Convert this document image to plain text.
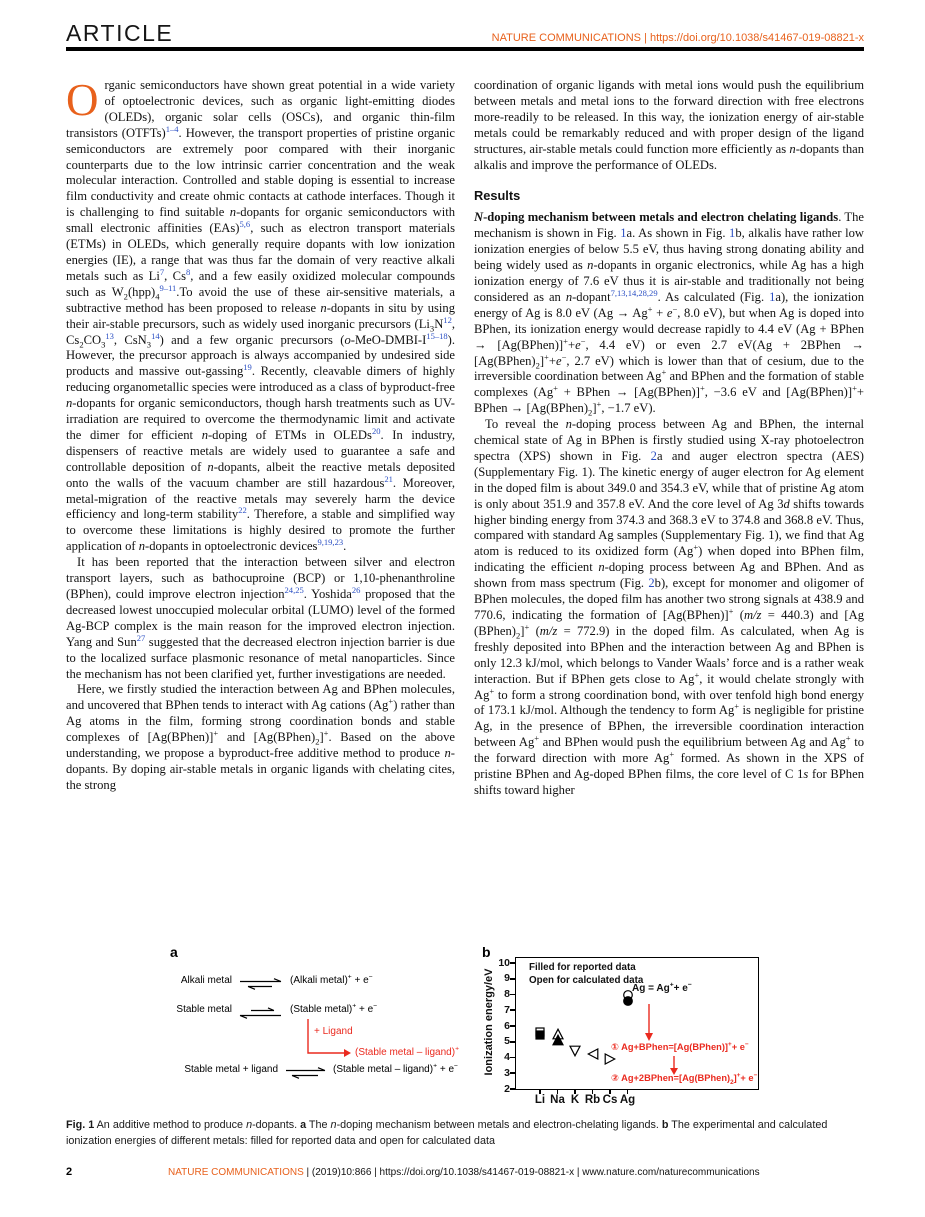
ARTICLE	NATURE COMMUNICATIONS | https://doi.org/10.1038/s41467-019-08821-x

Organic semiconductors have shown great potential in a wide variety of optoelectronic devices, such as organic light-emitting diodes (OLEDs), organic solar cells (OSCs), and organic thin-film transistors (OTFTs)$^{1-4}$. However, the transport properties of pristine organic semiconductors are extremely poor compared with their inorganic counterparts due to the low intrinsic carrier concentration and the weak molecular interaction. Controlled and stable doping is essential to increase film conductivity and create ohmic contacts at cathode interfaces. Though it is challenging to find suitable n-dopants for organic semiconductors with small electronic affinities (EAs)$^{5,6}$, such as electron transport materials (ETMs) in OLEDs, which generally require dopants with low ionization energies (IE), a range that was thus far the domain of very reactive alkali metals such as Li$^7$, Cs$^8$, and a few easily oxidized molecular compounds such as $W_2(hpp)_4^{9-11}.To$ avoid the use of these air-sensitive materials, a subtractive method has been proposed to release n-dopants in situ by using their air-stable precursors, such as widely used inorganic precursors ($Li_3N^{12}$, $Cs_2CO_3^{13}$, CsN$_3^{14}$) and a few organic precursors (o-MeO-DMBI-I$^{15-18}$). However, the precursor approach is always accompanied by undesired side products and massive out-gassing$^{19}$. Recently, cleavable dimers of highly reducing organometallic species were introduced as a class of byproduct-free n-dopants for organic semiconductors, though harsh treatments such as UV-irradiation are required to overcome the thermodynamic limit and activate the dimer for efficient n-doping of ETMs in OLEDs$^{20}$. In industry, dispensers of reactive metals are widely used to guarantee a safe and controllable deposition of n-dopants, albeit the reactive metals deposited onto the walls of the vacuum chamber are still hazardous$^{21}$. Moreover, metal-migration of the reactive metals may severely harm the device efficiency and long-term stability$^{22}$. Therefore, a stable and simplified way to overcome these limitations is highly desired to promote the further application of n-dopants in optoelectronic devices$^{9,19,23}$.

It has been reported that the interaction between silver and electron transport layers, such as bathocuproine (BCP) or 1,10-phenanthroline (BPhen), could improve electron injection$^{24,25}$. Yoshida$^{26}$ proposed that the decreased lowest unoccupied molecular orbital (LUMO) level of the formed Ag-BCP complex is the main reason for the improved electron injection. Yang and Sun$^{27}$ suggested that the decreased electron injection barrier is due to the localized surface plasmonic resonance of metal nanoparticles. Since the mechanism has not been clarified yet, further investigations are needed.

Here, we firstly studied the interaction between Ag and BPhen molecules, and uncovered that BPhen tends to interact with Ag cations (Ag+) rather than Ag atoms in the film, forming strong coordination bonds and stable complexes of [Ag(BPhen)]+ and $[Ag(BPhen)_2]^+$. Based on the above understanding, we propose a byproduct-free additive method to produce n-dopants. By doping air-stable metals in organic ligands with chelating cites, the strong

coordination of organic ligands with metal ions would push the equilibrium between metals and metal ions to the forward direction with free electrons more-readily to be released. In this way, the ionization energy of air-stable metals could be remarkably reduced and with proper design of the ligand structures, air-stable metals could function more efficiently as n-dopants than alkalis and improve the performance of OLEDs.

Results

N-doping mechanism between metals and electron chelating ligands. The mechanism is shown in Fig. 1a. As shown in Fig. 1b, alkalis have rather low ionization energies of below 5.5 eV, thus having strong donating ability and being widely used as n-dopants in organic electronics, while Ag has a high ionization energy of 7.6 eV thus it is air-stable and traditionally not being considered as an n-dopant$^{7,13,14,28,29}$. As calculated (Fig. 1a), the ionization energy of Ag is 8.0 eV (Ag → Ag+ + e−, 8.0 eV), but when Ag is doped into BPhen, its ionization energy would decrease rapidly to 4.4 eV (Ag + BPhen → [Ag(BPhen)]++e−, 4.4 eV) or even 2.7 eV(Ag + 2BPhen → $[Ag(BPhen)_2]^++e^-$, 2.7 eV) which is lower than that of cesium, due to the irreversible coordination between Ag+ and BPhen and the formation of stable complexes (Ag+ + BPhen → [Ag(BPhen)]+, −3.6 eV and [Ag(BPhen)]++ BPhen → $[Ag(BPhen)_2]^+$, −1.7 eV).

To reveal the n-doping process between Ag and BPhen, the internal chemical state of Ag in BPhen is firstly studied using X-ray photoelectron spectra (XPS) shown in Fig. 2a and auger electron spectra (AES) (Supplementary Fig. 1). The kinetic energy of auger electron for Ag element in the doped film is about 349.0 and 354.3 eV, while that of pristine Ag atom is only about 351.9 and 357.8 eV. And the core level of Ag 3d shifts towards higher binding energy from 374.3 and 368.3 eV to 374.8 and 368.8 eV. Thus, compared with standard Ag samples (Supplementary Fig. 1), we find that Ag atom is reduced to its oxidized form (Ag+) when doped into BPhen film, indicating the efficient n-doping process between Ag and BPhen. And as shown from mass spectrum (Fig. 2b), except for monomer and oligomer of BPhen molecules, the doped film has another two strong signals at 438.9 and 770.6, indicating the formation of [Ag(BPhen)]+ (m/z = 440.3) and [Ag $(BPhen)_2]^+$ (m/z = 772.9) in the doped film. As calculated, when Ag is freshly deposited into BPhen and the interaction between Ag and BPhen is only 12.3 kJ/mol, which belongs to Vander Waals’ force and is a rather weak interaction. But if BPhen gets close to Ag+, it would chelate strongly with Ag+ to form a strong coordination bond, with over tenfold high bond energy of 173.1 kJ/mol. Although the tendency to form Ag+ is negligible for pristine Ag, in the presence of BPhen, the irreversible coordination interaction between Ag+ and BPhen would push the equilibrium between Ag and Ag+ to the forward direction with more Ag+ formed. As shown in the XPS of pristine BPhen and Ag-doped BPhen films, the core level of C 1s for BPhen shifts toward higher

a
Alkali metal	(Alkali metal)+ + e−
Stable metal	(Stable metal)+ + e−
+ Ligand
(Stable metal – ligand)+
Stable metal + ligand	(Stable metal – ligand)+ + e−
b
Ionization energy/eV
Filled for reported data
Open for calculated data
Ag = Ag++ e−
① Ag+BPhen=[Ag(BPhen)]++ e−
② $Ag+2BPhen=[Ag(BPhen)_2]^++ e^-$
10
9
8
7
6
5
4
3
2
Li Na K Rb Cs Ag
Fig. 1 An additive method to produce n-dopants. a The n-doping mechanism between metals and electron-chelating ligands. b The experimental and calculated ionization energies of different metals: filled for reported data and open for calculated data
2	NATURE COMMUNICATIONS | (2019)10:866 | https://doi.org/10.1038/s41467-019-08821-x | www.nature.com/naturecommunications
